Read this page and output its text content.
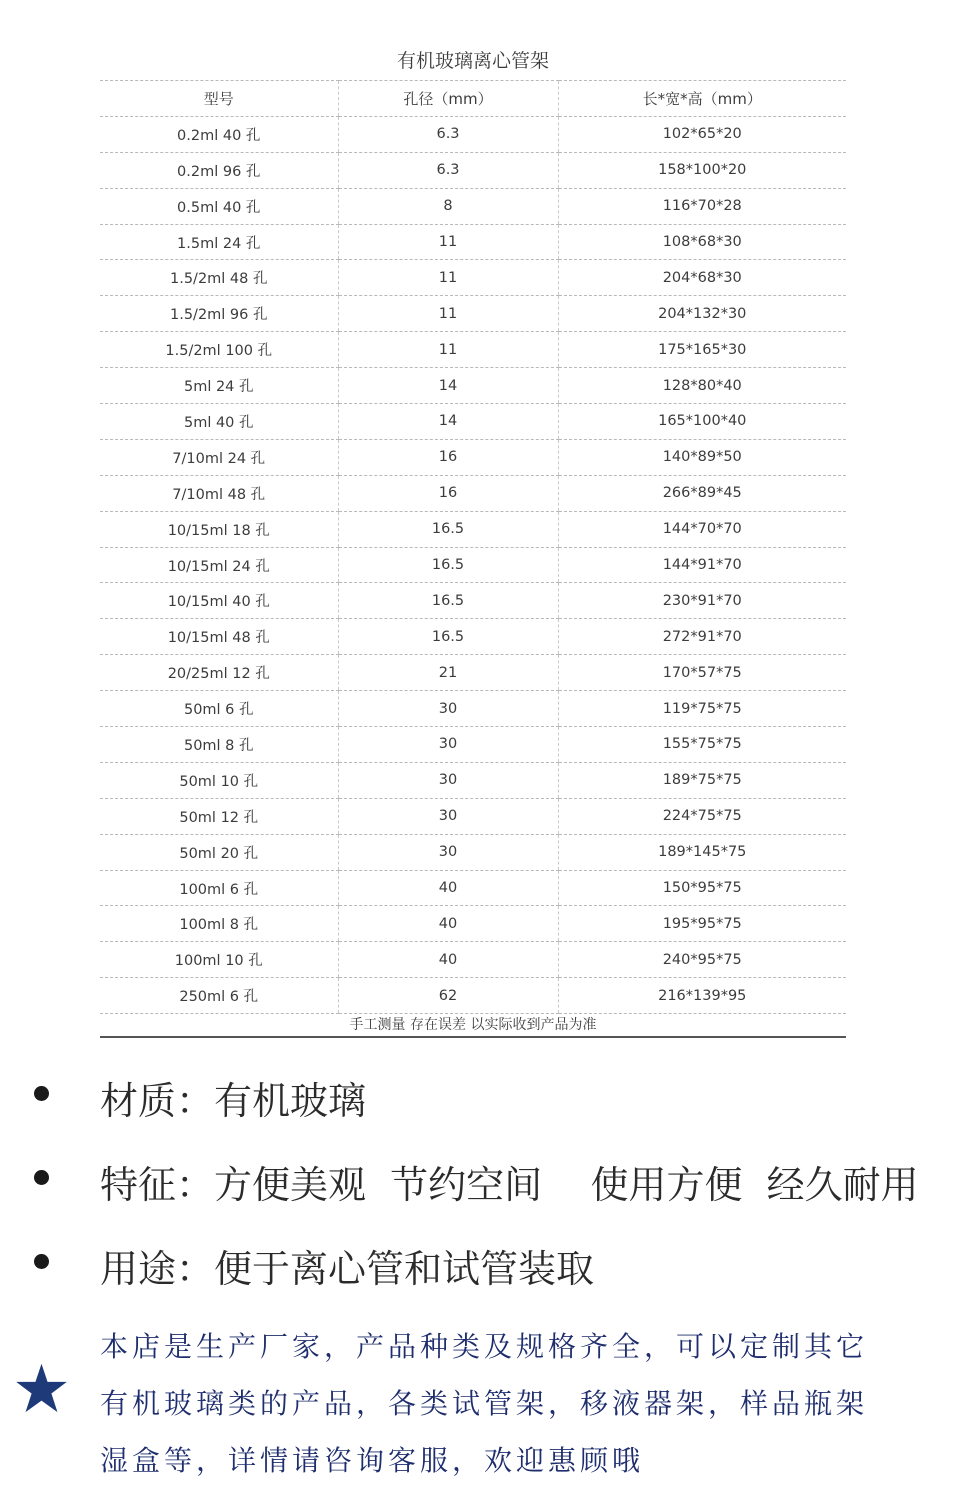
有机玻璃离心管架
型号	孔径（mm）	长*宽*高（mm）
0.2ml 40 孔	6.3	102*65*20
0.2ml 96 孔	6.3	158*100*20
0.5ml 40 孔	8	116*70*28
1.5ml 24 孔	11	108*68*30
1.5/2ml 48 孔	11	204*68*30
1.5/2ml 96 孔	11	204*132*30
1.5/2ml 100 孔	11	175*165*30
5ml 24 孔	14	128*80*40
5ml 40 孔	14	165*100*40
7/10ml 24 孔	16	140*89*50
7/10ml 48 孔	16	266*89*45
10/15ml 18 孔	16.5	144*70*70
10/15ml 24 孔	16.5	144*91*70
10/15ml 40 孔	16.5	230*91*70
10/15ml 48 孔	16.5	272*91*70
20/25ml 12 孔	21	170*57*75
50ml 6 孔	30	119*75*75
50ml 8 孔	30	155*75*75
50ml 10 孔	30	189*75*75
50ml 12 孔	30	224*75*75
50ml 20 孔	30	189*145*75
100ml 6 孔	40	150*95*75
100ml 8 孔	40	195*95*75
100ml 10 孔	40	240*95*75
250ml 6 孔	62	216*139*95
手工测量 存在误差 以实际收到产品为准
材质：有机玻璃
特征：方便美观  节约空间    使用方便  经久耐用
用途：便于离心管和试管装取
本店是生产厂家，产品种类及规格齐全，可以定制其它
有机玻璃类的产品，各类试管架，移液器架，样品瓶架
湿盒等，详情请咨询客服，欢迎惠顾哦
